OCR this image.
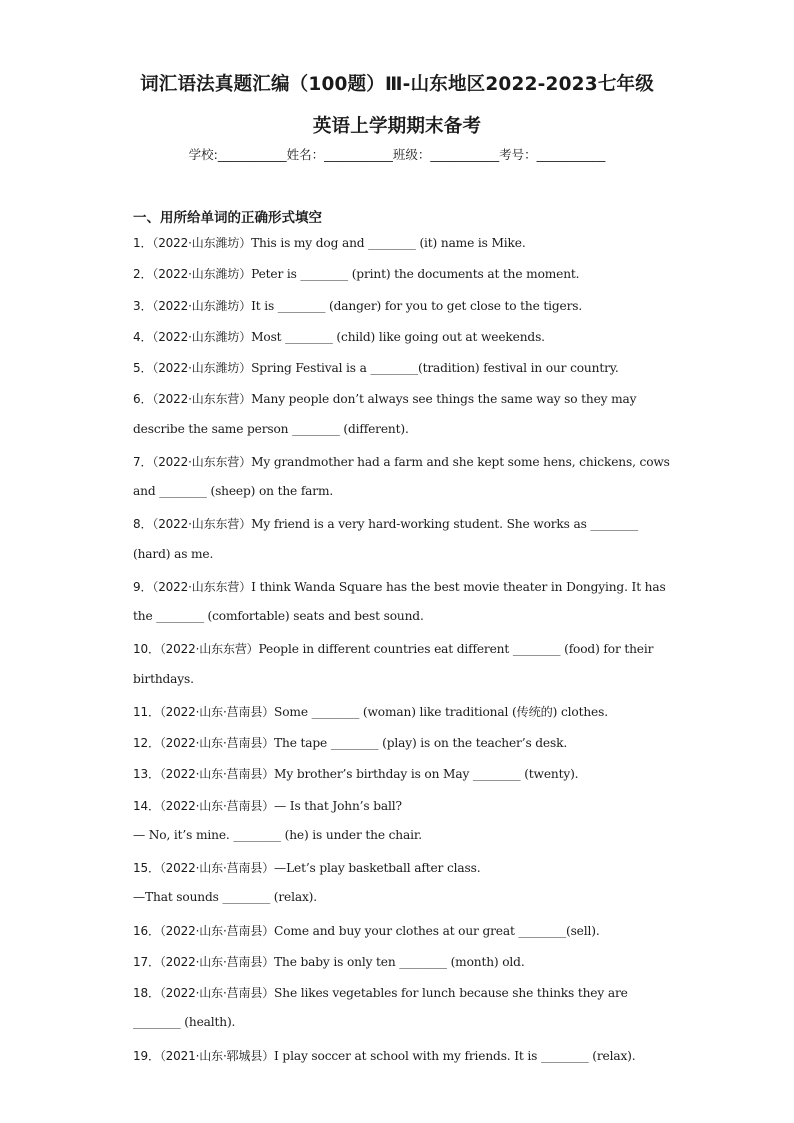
词汇语法真题汇编（100题）Ⅲ-山东地区2022-2023七年级
英语上学期期末备考
学校:___________姓名：___________班级：___________考号：___________
一、用所给单词的正确形式填空
1．（2022·山东潍坊）This is my dog and ________ (it) name is Mike.
2．（2022·山东潍坊）Peter is ________ (print) the documents at the moment.
3．（2022·山东潍坊）It is ________ (danger) for you to get close to the tigers.
4．（2022·山东潍坊）Most ________ (child) like going out at weekends.
5．（2022·山东潍坊）Spring Festival is a ________(tradition) festival in our country.
6．（2022·山东东营）Many people don’t always see things the same way so they may
describe the same person ________ (different).
7．（2022·山东东营）My grandmother had a farm and she kept some hens, chickens, cows
and ________ (sheep) on the farm.
8．（2022·山东东营）My friend is a very hard-working student. She works as ________
(hard) as me.
9．（2022·山东东营）I think Wanda Square has the best movie theater in Dongying. It has
the ________ (comfortable) seats and best sound.
10．（2022·山东东营）People in different countries eat different ________ (food) for their
birthdays.
11．（2022·山东·莒南县）Some ________ (woman) like traditional (传统的) clothes.
12．（2022·山东·莒南县）The tape ________ (play) is on the teacher’s desk.
13．（2022·山东·莒南县）My brother’s birthday is on May ________ (twenty).
14．（2022·山东·莒南县）— Is that John’s ball?
— No, it’s mine. ________ (he) is under the chair.
15．（2022·山东·莒南县）—Let’s play basketball after class.
—That sounds ________ (relax).
16．（2022·山东·莒南县）Come and buy your clothes at our great ________(sell).
17．（2022·山东·莒南县）The baby is only ten ________ (month) old.
18．（2022·山东·莒南县）She likes vegetables for lunch because she thinks they are
________ (health).
19．（2021·山东·郓城县）I play soccer at school with my friends. It is ________ (relax).
